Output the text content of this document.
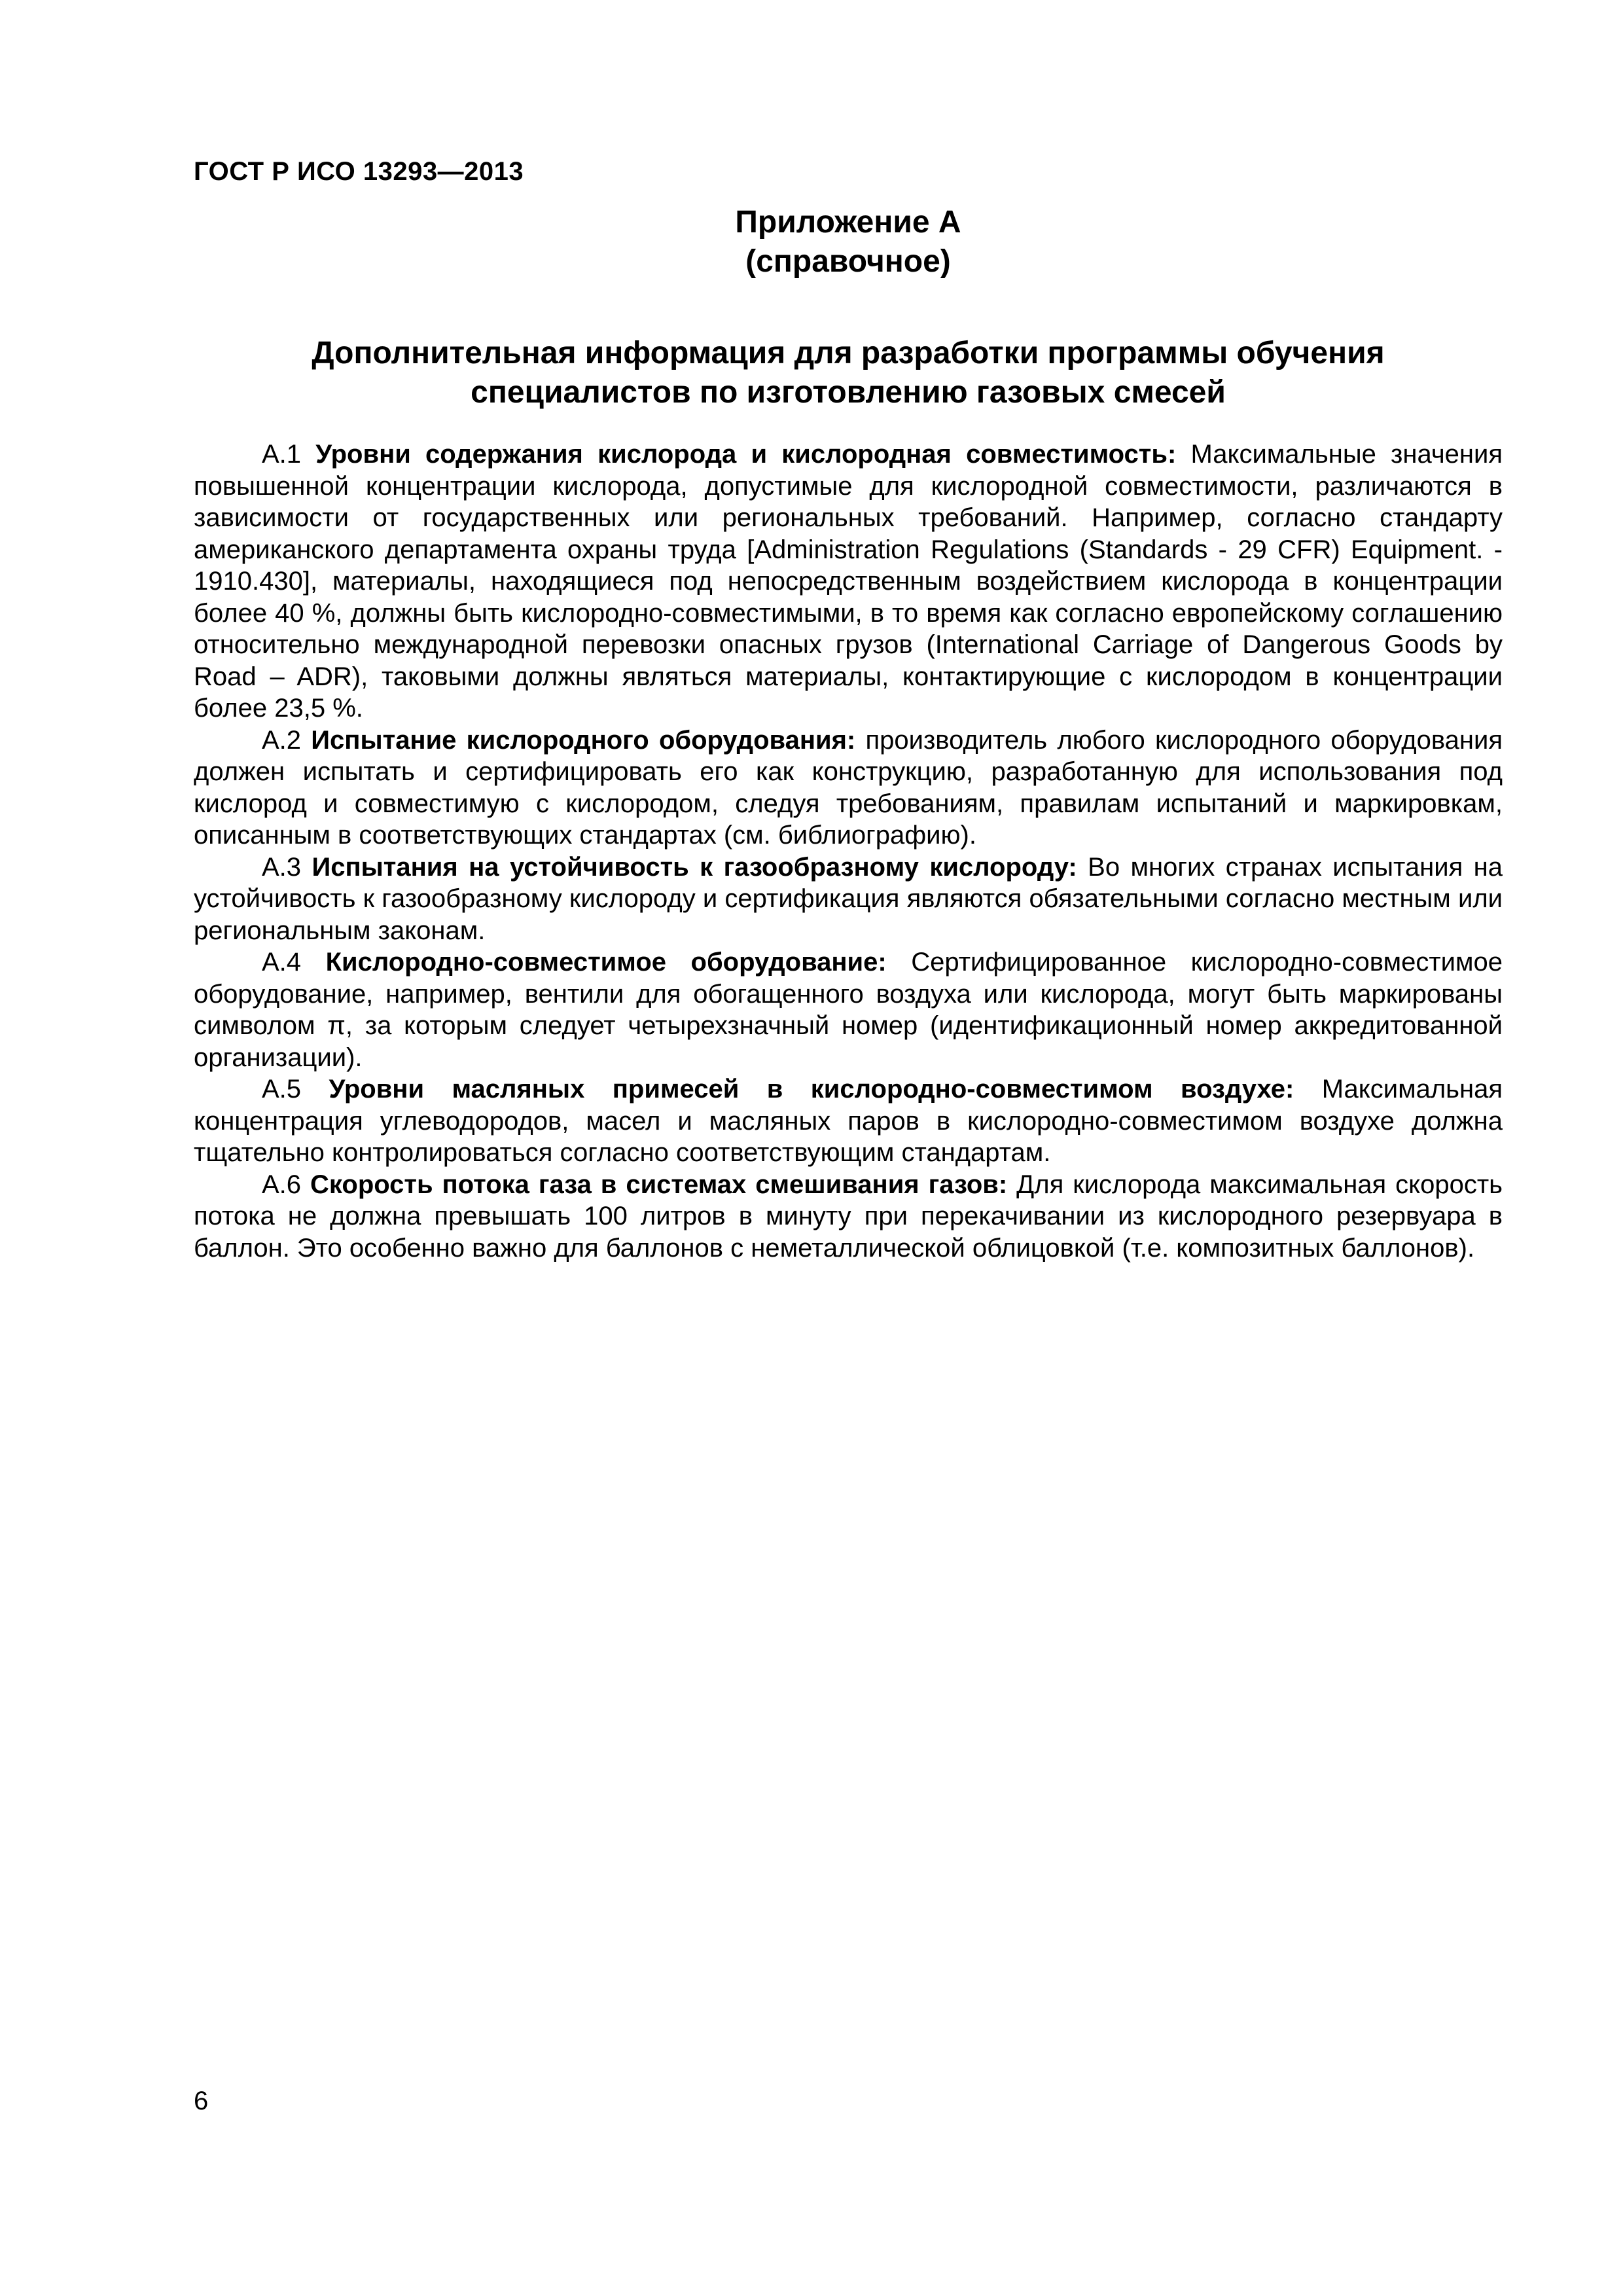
ГОСТ Р ИСО 13293—2013
Приложение А
(справочное)
Дополнительная информация для разработки программы обучения
специалистов по изготовлению газовых смесей

А.1 Уровни содержания кислорода и кислородная совместимость: Максимальные значения повышенной концентрации кислорода, допустимые для кислородной совместимости, различаются в зависимости от государственных или региональных требований. Например, согласно стандарту американского департамента охраны труда [Administration Regulations (Standards - 29 CFR) Equipment. - 1910.430], материалы, находящиеся под непосредственным воздействием кислорода в концентрации более 40 %, должны быть кислородно-совместимыми, в то время как согласно европейскому соглашению относительно международной перевозки опасных грузов (International Carriage of Dangerous Goods by Road – ADR), таковыми должны являться материалы, контактирующие с кислородом в концентрации более 23,5 %.

А.2 Испытание кислородного оборудования: производитель любого кислородного оборудования должен испытать и сертифицировать его как конструкцию, разработанную для использования под кислород и совместимую с кислородом, следуя требованиям, правилам испытаний и маркировкам, описанным в соответствующих стандартах (см. библиографию).

А.3 Испытания на устойчивость к газообразному кислороду: Во многих странах испытания на устойчивость к газообразному кислороду и сертификация являются обязательными согласно местным или региональным законам.

А.4 Кислородно-совместимое оборудование: Сертифицированное кислородно-совместимое оборудование, например, вентили для обогащенного воздуха или кислорода, могут быть маркированы символом π, за которым следует четырехзначный номер (идентификационный номер аккредитованной организации).

А.5 Уровни масляных примесей в кислородно-совместимом воздухе: Максимальная концентрация углеводородов, масел и масляных паров в кислородно-совместимом воздухе должна тщательно контролироваться согласно соответствующим стандартам.

А.6 Скорость потока газа в системах смешивания газов: Для кислорода максимальная скорость потока не должна превышать 100 литров в минуту при перекачивании из кислородного резервуара в баллон. Это особенно важно для баллонов с неметаллической облицовкой (т.е. композитных баллонов).

6
